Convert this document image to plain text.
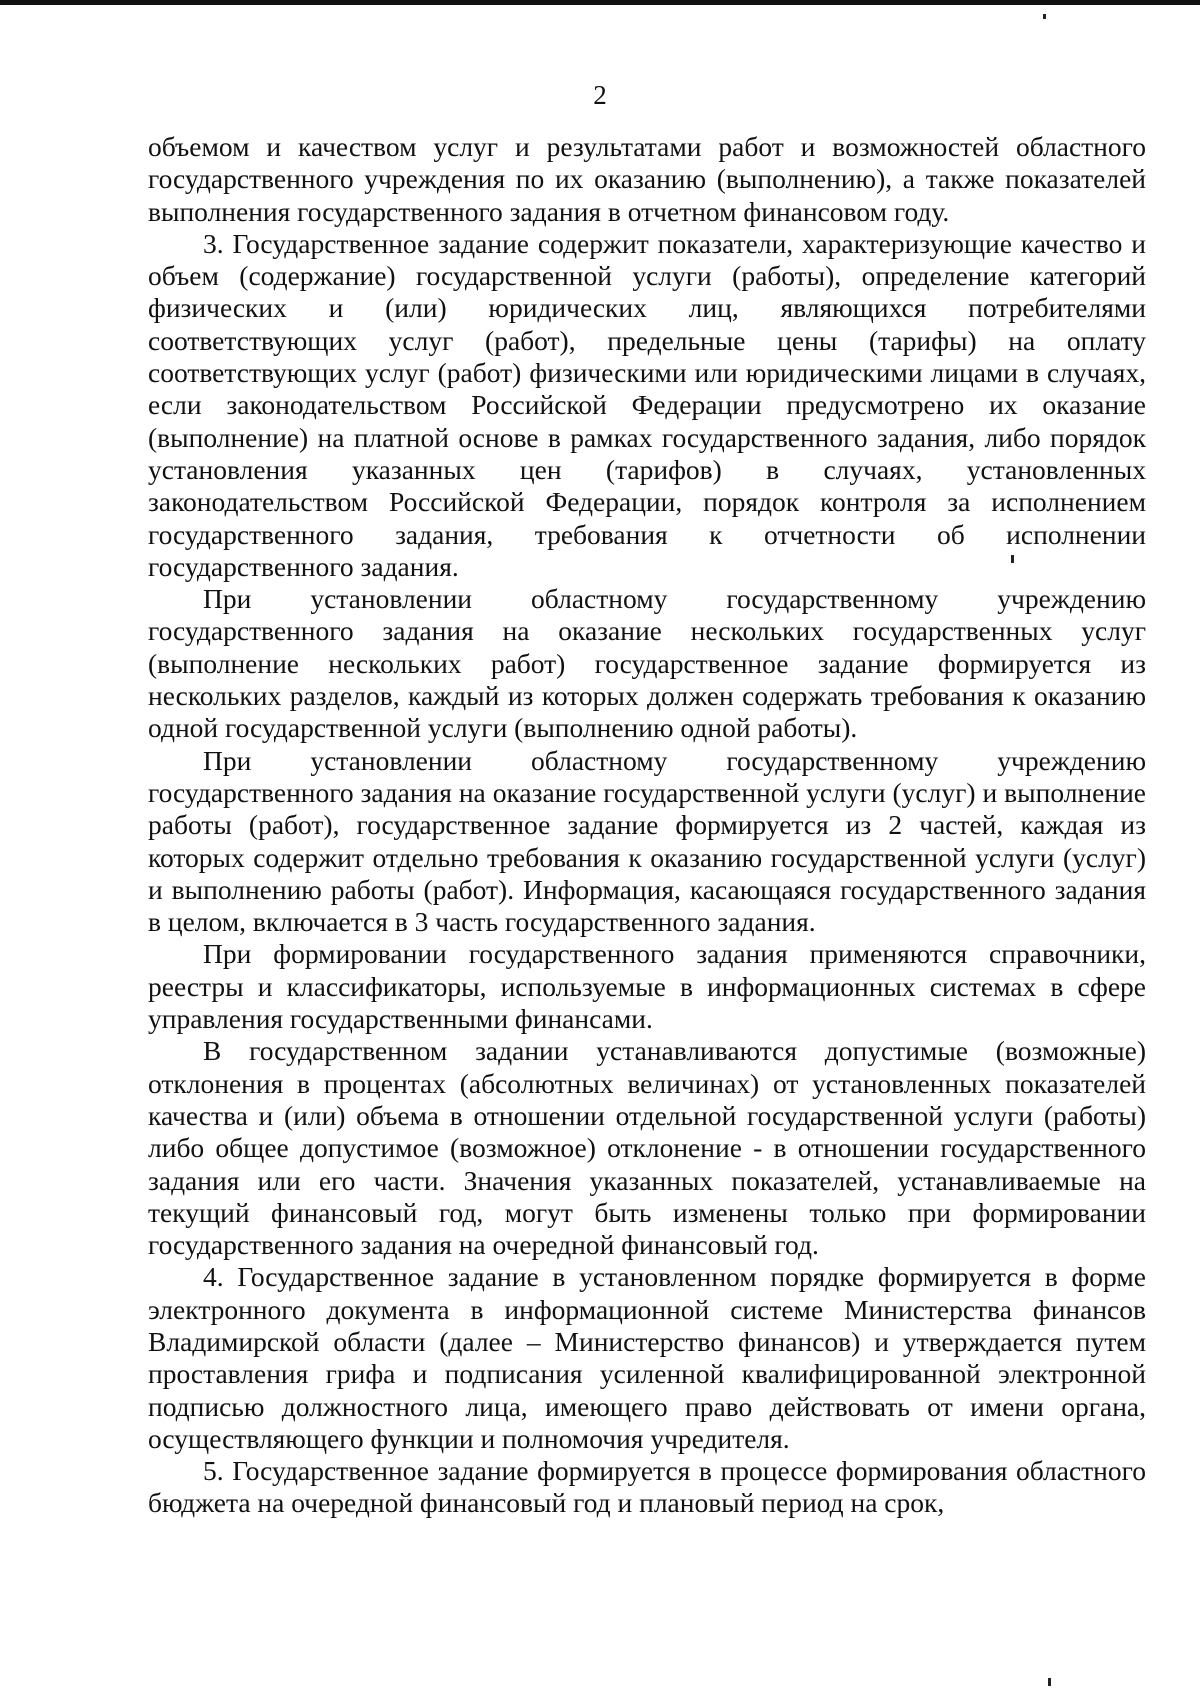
2

объемом и качеством услуг и результатами работ и возможностей областного государственного учреждения по их оказанию (выполнению), а также показателей выполнения государственного задания в отчетном финансовом году.

3. Государственное задание содержит показатели, характеризующие качество и объем (содержание) государственной услуги (работы), определение категорий физических и (или) юридических лиц, являющихся потребителями соответствующих услуг (работ), предельные цены (тарифы) на оплату соответствующих услуг (работ) физическими или юридическими лицами в случаях, если законодательством Российской Федерации предусмотрено их оказание (выполнение) на платной основе в рамках государственного задания, либо порядок установления указанных цен (тарифов) в случаях, установленных законодательством Российской Федерации, порядок контроля за исполнением государственного задания, требования к отчетности об исполнении государственного задания.

При установлении областному государственному учреждению государственного задания на оказание нескольких государственных услуг (выполнение нескольких работ) государственное задание формируется из нескольких разделов, каждый из которых должен содержать требования к оказанию одной государственной услуги (выполнению одной работы).

При установлении областному государственному учреждению государственного задания на оказание государственной услуги (услуг) и выполнение работы (работ), государственное задание формируется из 2 частей, каждая из которых содержит отдельно требования к оказанию государственной услуги (услуг) и выполнению работы (работ). Информация, касающаяся государственного задания в целом, включается в 3 часть государственного задания.

При формировании государственного задания применяются справочники, реестры и классификаторы, используемые в информационных системах в сфере управления государственными финансами.

В государственном задании устанавливаются допустимые (возможные) отклонения в процентах (абсолютных величинах) от установленных показателей качества и (или) объема в отношении отдельной государственной услуги (работы) либо общее допустимое (возможное) отклонение - в отношении государственного задания или его части. Значения указанных показателей, устанавливаемые на текущий финансовый год, могут быть изменены только при формировании государственного задания на очередной финансовый год.

4. Государственное задание в установленном порядке формируется в форме электронного документа в информационной системе Министерства финансов Владимирской области (далее – Министерство финансов) и утверждается путем проставления грифа и подписания усиленной квалифицированной электронной подписью должностного лица, имеющего право действовать от имени органа, осуществляющего функции и полномочия учредителя.

5. Государственное задание формируется в процессе формирования областного бюджета на очередной финансовый год и плановый период на срок,
